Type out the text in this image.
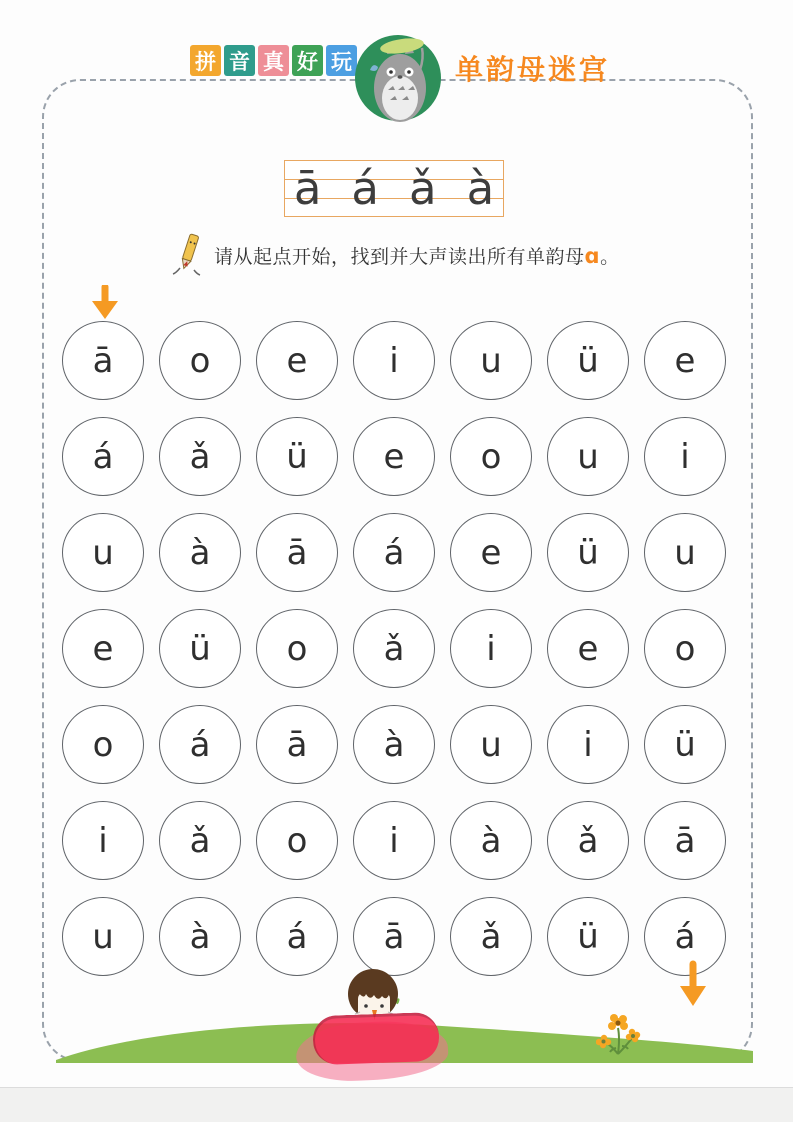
拼 音 真 好 玩	单韵母迷宫
ā á ǎ à
请从起点开始，找到并大声读出所有单韵母ɑ。
ā o e i u ü e
á ǎ ü e o u i
u à ā á e ü u
e ü o ǎ i e o
o á ā à u i ü
i ǎ o i à ǎ ā
u à á ā ǎ ü á
